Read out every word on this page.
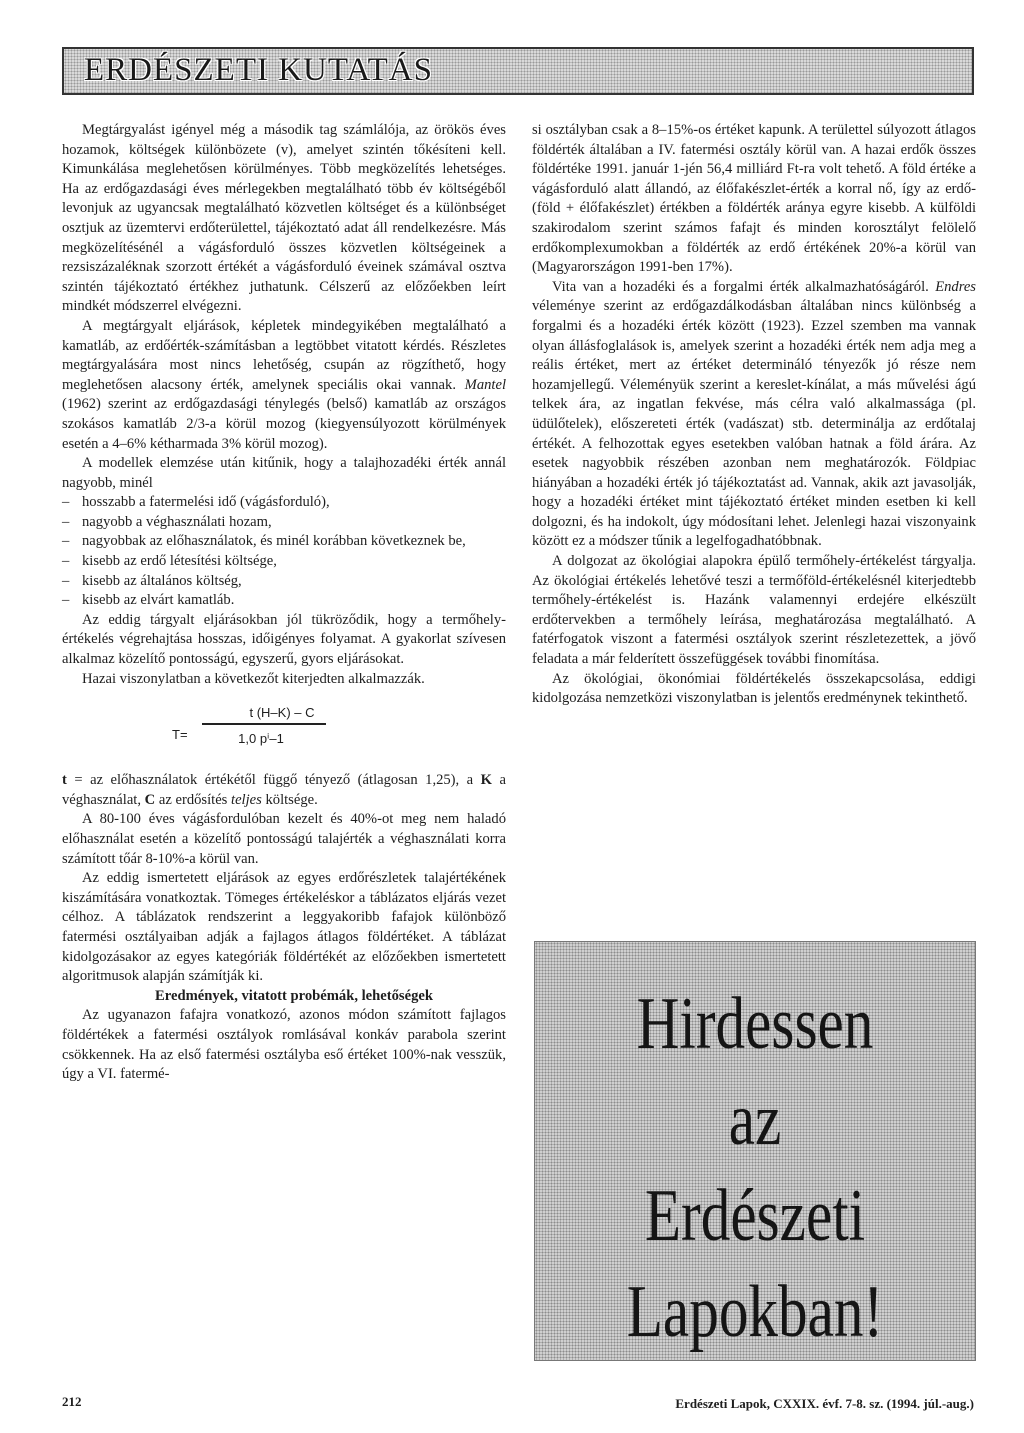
ERDÉSZETI KUTATÁS

Megtárgyalást igényel még a második tag számlálója, az örökös éves hozamok, költségek különbözete (v), amelyet szintén tőkésíteni kell. Kimunkálása meglehetősen körülményes. Több megközelítés lehetséges. Ha az erdőgazdasági éves mérlegekben megtalálható több év költségéből levonjuk az ugyancsak megtalálható közvetlen költséget és a különbséget osztjuk az üzemtervi erdőterülettel, tájékoztató adat áll rendelkezésre. Más megközelítésénél a vágásforduló összes közvetlen költségeinek a rezsiszázaléknak szorzott értékét a vágásforduló éveinek számával osztva szintén tájékoztató értékhez juthatunk. Célszerű az előzőekben leírt mindkét módszerrel elvégezni.

A megtárgyalt eljárások, képletek mindegyikében megtalálható a kamatláb, az erdőérték-számításban a legtöbbet vitatott kérdés. Részletes megtárgyalására most nincs lehetőség, csupán az rögzíthető, hogy meglehetősen alacsony érték, amelynek speciális okai vannak. Mantel (1962) szerint az erdőgazdasági ténylegés (belső) kamatláb az országos szokásos kamatláb 2/3-a körül mozog (kiegyensúlyozott körülmények esetén a 4–6% kétharmada 3% körül mozog).

A modellek elemzése után kitűnik, hogy a talajhozadéki érték annál nagyobb, minél

– hosszabb a fatermelési idő (vágásforduló),
– nagyobb a véghasználati hozam,
– nagyobbak az előhasználatok, és minél korábban következnek be,
– kisebb az erdő létesítési költsége,
– kisebb az általános költség,
– kisebb az elvárt kamatláb.

Az eddig tárgyalt eljárásokban jól tükröződik, hogy a termőhely-értékelés végrehajtása hosszas, időigényes folyamat. A gyakorlat szívesen alkalmaz közelítő pontosságú, egyszerű, gyors eljárásokat.

Hazai viszonylatban a következőt kiterjedten alkalmazzák.

T=
t (H–K) – C
1,0 pⁱ–1

t = az előhasználatok értékétől függő tényező (átlagosan 1,25), a K a véghasználat, C az erdősítés teljes költsége.

A 80-100 éves vágásfordulóban kezelt és 40%-ot meg nem haladó előhasználat esetén a közelítő pontosságú talajérték a véghasználati korra számított tőár 8-10%-a körül van.

Az eddig ismertetett eljárások az egyes erdőrészletek talajértékének kiszámítására vonatkoztak. Tömeges értékeléskor a táblázatos eljárás vezet célhoz. A táblázatok rendszerint a leggyakoribb fafajok különböző fatermési osztályaiban adják a fajlagos átlagos földértéket. A táblázat kidolgozásakor az egyes kategóriák földértékét az előzőekben ismertetett algoritmusok alapján számítják ki.

Eredmények, vitatott probémák, lehetőségek

Az ugyanazon fafajra vonatkozó, azonos módon számított fajlagos földértékek a fatermési osztályok romlásával konkáv parabola szerint csökkennek. Ha az első fatermési osztályba eső értéket 100%-nak vesszük, úgy a VI. fatermé-

si osztályban csak a 8–15%-os értéket kapunk. A területtel súlyozott átlagos földérték általában a IV. fatermési osztály körül van. A hazai erdők összes földértéke 1991. január 1-jén 56,4 milliárd Ft-ra volt tehető. A föld értéke a vágásforduló alatt állandó, az élőfakészlet-érték a korral nő, így az erdő- (föld + élőfakészlet) értékben a földérték aránya egyre kisebb. A külföldi szakirodalom szerint számos fafajt és minden korosztályt felölelő erdőkomplexumokban a földérték az erdő értékének 20%-a körül van (Magyarországon 1991-ben 17%).

Vita van a hozadéki és a forgalmi érték alkalmazhatóságáról. Endres véleménye szerint az erdőgazdálkodásban általában nincs különbség a forgalmi és a hozadéki érték között (1923). Ezzel szemben ma vannak olyan állásfoglalások is, amelyek szerint a hozadéki érték nem adja meg a reális értéket, mert az értéket determináló tényezők jó része nem hozamjellegű. Véleményük szerint a kereslet-kínálat, a más művelési ágú telkek ára, az ingatlan fekvése, más célra való alkalmassága (pl. üdülőtelek), előszereteti érték (vadászat) stb. determinálja az erdőtalaj értékét. A felhozottak egyes esetekben valóban hatnak a föld árára. Az esetek nagyobbik részében azonban nem meghatározók. Földpiac hiányában a hozadéki érték jó tájékoztatást ad. Vannak, akik azt javasolják, hogy a hozadéki értéket mint tájékoztató értéket minden esetben ki kell dolgozni, és ha indokolt, úgy módosítani lehet. Jelenlegi hazai viszonyaink között ez a módszer tűnik a legelfogadhatóbbnak.

A dolgozat az ökológiai alapokra épülő termőhely-értékelést tárgyalja. Az ökológiai értékelés lehetővé teszi a termőföld-értékelésnél kiterjedtebb termőhely-értékelést is. Hazánk valamennyi erdejére elkészült erdőtervekben a termőhely leírása, meghatározása megtalálható. A fatérfogatok viszont a fatermési osztályok szerint részletezettek, a jövő feladata a már felderített összefüggések további finomítása.

Az ökológiai, ökonómiai földértékelés összekapcsolása, eddigi kidolgozása nemzetközi viszonylatban is jelentős eredménynek tekinthető.

Hirdessen
az
Erdészeti
Lapokban!
212	Erdészeti Lapok, CXXIX. évf. 7-8. sz. (1994. júl.-aug.)
